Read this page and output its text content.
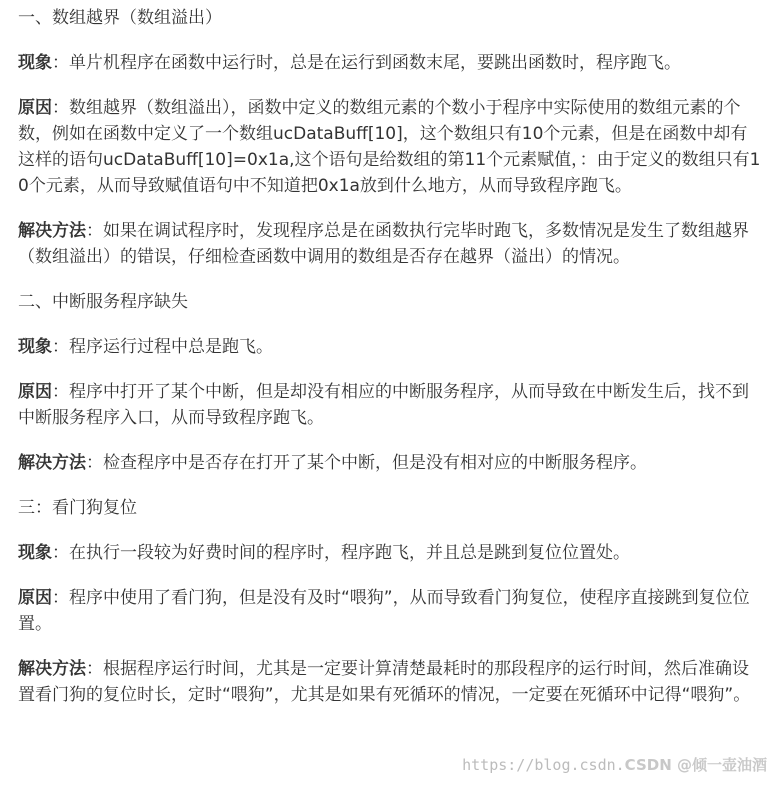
一、数组越界（数组溢出）

现象：单片机程序在函数中运行时，总是在运行到函数末尾，要跳出函数时，程序跑飞。

原因：数组越界（数组溢出），函数中定义的数组元素的个数小于程序中实际使用的数组元素的个数，例如在函数中定义了一个数组ucDataBuff[10]，这个数组只有10个元素，但是在函数中却有这样的语句ucDataBuff[10]=0x1a,这个语句是给数组的第11个元素赋值，：由于定义的数组只有10个元素，从而导致赋值语句中不知道把0x1a放到什么地方，从而导致程序跑飞。

解决方法：如果在调试程序时，发现程序总是在函数执行完毕时跑飞，多数情况是发生了数组越界（数组溢出）的错误，仔细检查函数中调用的数组是否存在越界（溢出）的情况。

二、中断服务程序缺失

现象：程序运行过程中总是跑飞。

原因：程序中打开了某个中断，但是却没有相应的中断服务程序，从而导致在中断发生后，找不到中断服务程序入口，从而导致程序跑飞。

解决方法：检查程序中是否存在打开了某个中断，但是没有相对应的中断服务程序。

三：看门狗复位

现象：在执行一段较为好费时间的程序时，程序跑飞，并且总是跳到复位位置处。

原因：程序中使用了看门狗，但是没有及时“喂狗”，从而导致看门狗复位，使程序直接跳到复位位置。

解决方法：根据程序运行时间，尤其是一定要计算清楚最耗时的那段程序的运行时间，然后准确设置看门狗的复位时长，定时“喂狗”，尤其是如果有死循环的情况，一定要在死循环中记得“喂狗”。

https://blog.csdn.CSDN @倾一壶油酒
